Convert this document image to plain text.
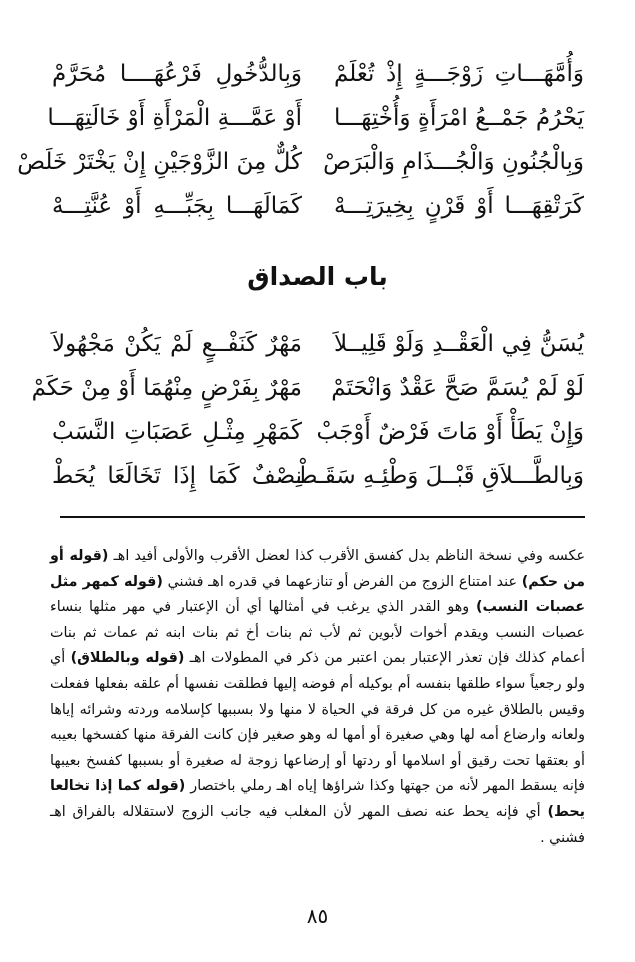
وَأُمَّهَـــاتِ زَوْجَـــةٍ إِذْ تُعْلَمْ
وَبِالدُّخُولِ فَرْعُهَــــا مُحَرَّمْ
يَحْرُمُ جَمْــعُ امْرَأَةٍ وَأُخْتِهَـــا
أَوْ عَمَّـــةِ الْمَرْأَةِ أَوْ خَالَتِهَـــا
وَبِالْجُنُونِ وَالْجُـــذَامِ وَالْبَرَصْ
كُلٌّ مِنَ الزَّوْجَيْنِ إِنْ يَخْتَرْ خَلَصْ
كَرَتْقِهَـــا أَوْ قَرْنٍ بِخِيرَتِـــهْ
كَمَالَهَـــا بِجَبِّـــهِ أَوْ عُنَّتِـــهْ
باب الصداق
يُسَنُّ فِي الْعَقْــدِ وَلَوْ قَلِيــلاَ
مَهْرٌ كَنَفْــعٍ لَمْ يَكُنْ مَجْهُولاَ
لَوْ لَمْ يُسَمَّ صَحَّ عَقْدٌ وَانْحَتَمْ
مَهْرٌ بِفَرْضٍ مِنْهُمَا أَوْ مِنْ حَكَمْ
وَإِنْ يَطَأْ أَوْ مَاتَ فَرْضٌ أَوْجَبْ
كَمَهْرِ مِثْـلِ عَصَبَاتِ النَّسَبْ
وَبِالطَّـــلاَقِ قَبْــلَ وَطْئِـهِ سَقَـطْ
نِصْفٌ كَمَا إِذَا تَخَالَعَا يُحَطْ
عكسه وفي نسخة الناظم بدل كفسق الأقرب كذا لعضل الأقرب والأولى أفيد اهـ (قوله أو من حكم) عند امتناع الزوج من الفرض أو تنازعهما في قدره اهـ فشني (قوله كمهر مثل عصبات النسب) وهو القدر الذي يرغب في أمثالها أي أن الإعتبار في مهر مثلها بنساء عصبات النسب ويقدم أخوات لأبوين ثم لأب ثم بنات أخ ثم بنات ابنه ثم عمات ثم بنات أعمام كذلك فإن تعذر الإعتبار بمن اعتبر من ذكر في المطولات اهـ (قوله وبالطلاق) أي ولو رجعياً سواء طلقها بنفسه أم بوكيله أم فوضه إليها فطلقت نفسها أم علقه بفعلها ففعلت وقيس بالطلاق غيره من كل فرقة في الحياة لا منها ولا بسببها كإسلامه وردته وشرائه إياها ولعانه وارضاع أمه لها وهي صغيرة أو أمها له وهو صغير فإن كانت الفرقة منها كفسخها بعيبه أو بعتقها تحت رقيق أو اسلامها أو ردتها أو إرضاعها زوجة له صغيرة أو بسببها كفسخ بعيبها فإنه يسقط المهر لأنه من جهتها وكذا شراؤها إياه اهـ رملي باختصار (قوله كما إذا تخالعا يحط) أي فإنه يحط عنه نصف المهر لأن المغلب فيه جانب الزوج لاستقلاله بالفراق اهـ فشني .
٨٥
